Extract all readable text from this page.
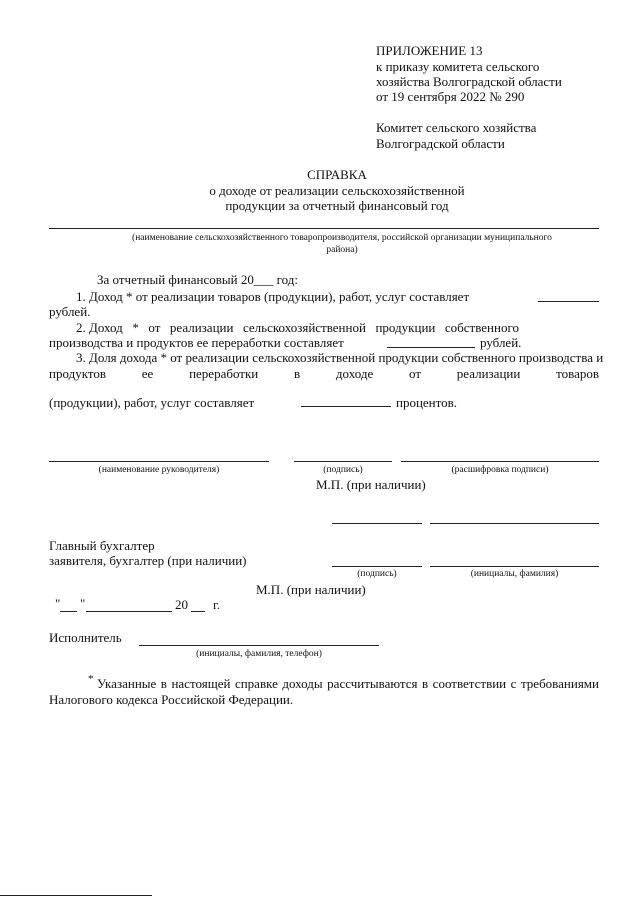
ПРИЛОЖЕНИЕ 13
к приказу комитета сельского
хозяйства Волгоградской области
от 19 сентября 2022 № 290
Комитет сельского хозяйства
Волгоградской области
СПРАВКА
о доходе от реализации сельскохозяйственной
продукции за отчетный финансовый год
(наименование сельскохозяйственного товаропроизводителя, российской организации муниципального
района)
За отчетный финансовый 20___ год:
1. Доход * от реализации товаров (продукции), работ, услуг составляет
рублей.
2. Доход * от реализации сельскохозяйственной продукции собственного
производства и продуктов ее переработки составляет	рублей.
3. Доля дохода * от реализации сельскохозяйственной продукции собственного производства и
продуктов	ее	переработки	в	доходе	от	реализации	товаров
(продукции), работ, услуг составляет	процентов.
(наименование руководителя)	(подпись)	(расшифровка подписи)
М.П. (при наличии)
Главный бухгалтер
заявителя, бухгалтер (при наличии)
(подпись)	(инициалы, фамилия)
М.П. (при наличии)
" "	20 г.
Исполнитель
(инициалы, фамилия, телефон)
* Указанные в настоящей справке доходы рассчитываются в соответствии с требованиями
Налогового кодекса Российской Федерации.
